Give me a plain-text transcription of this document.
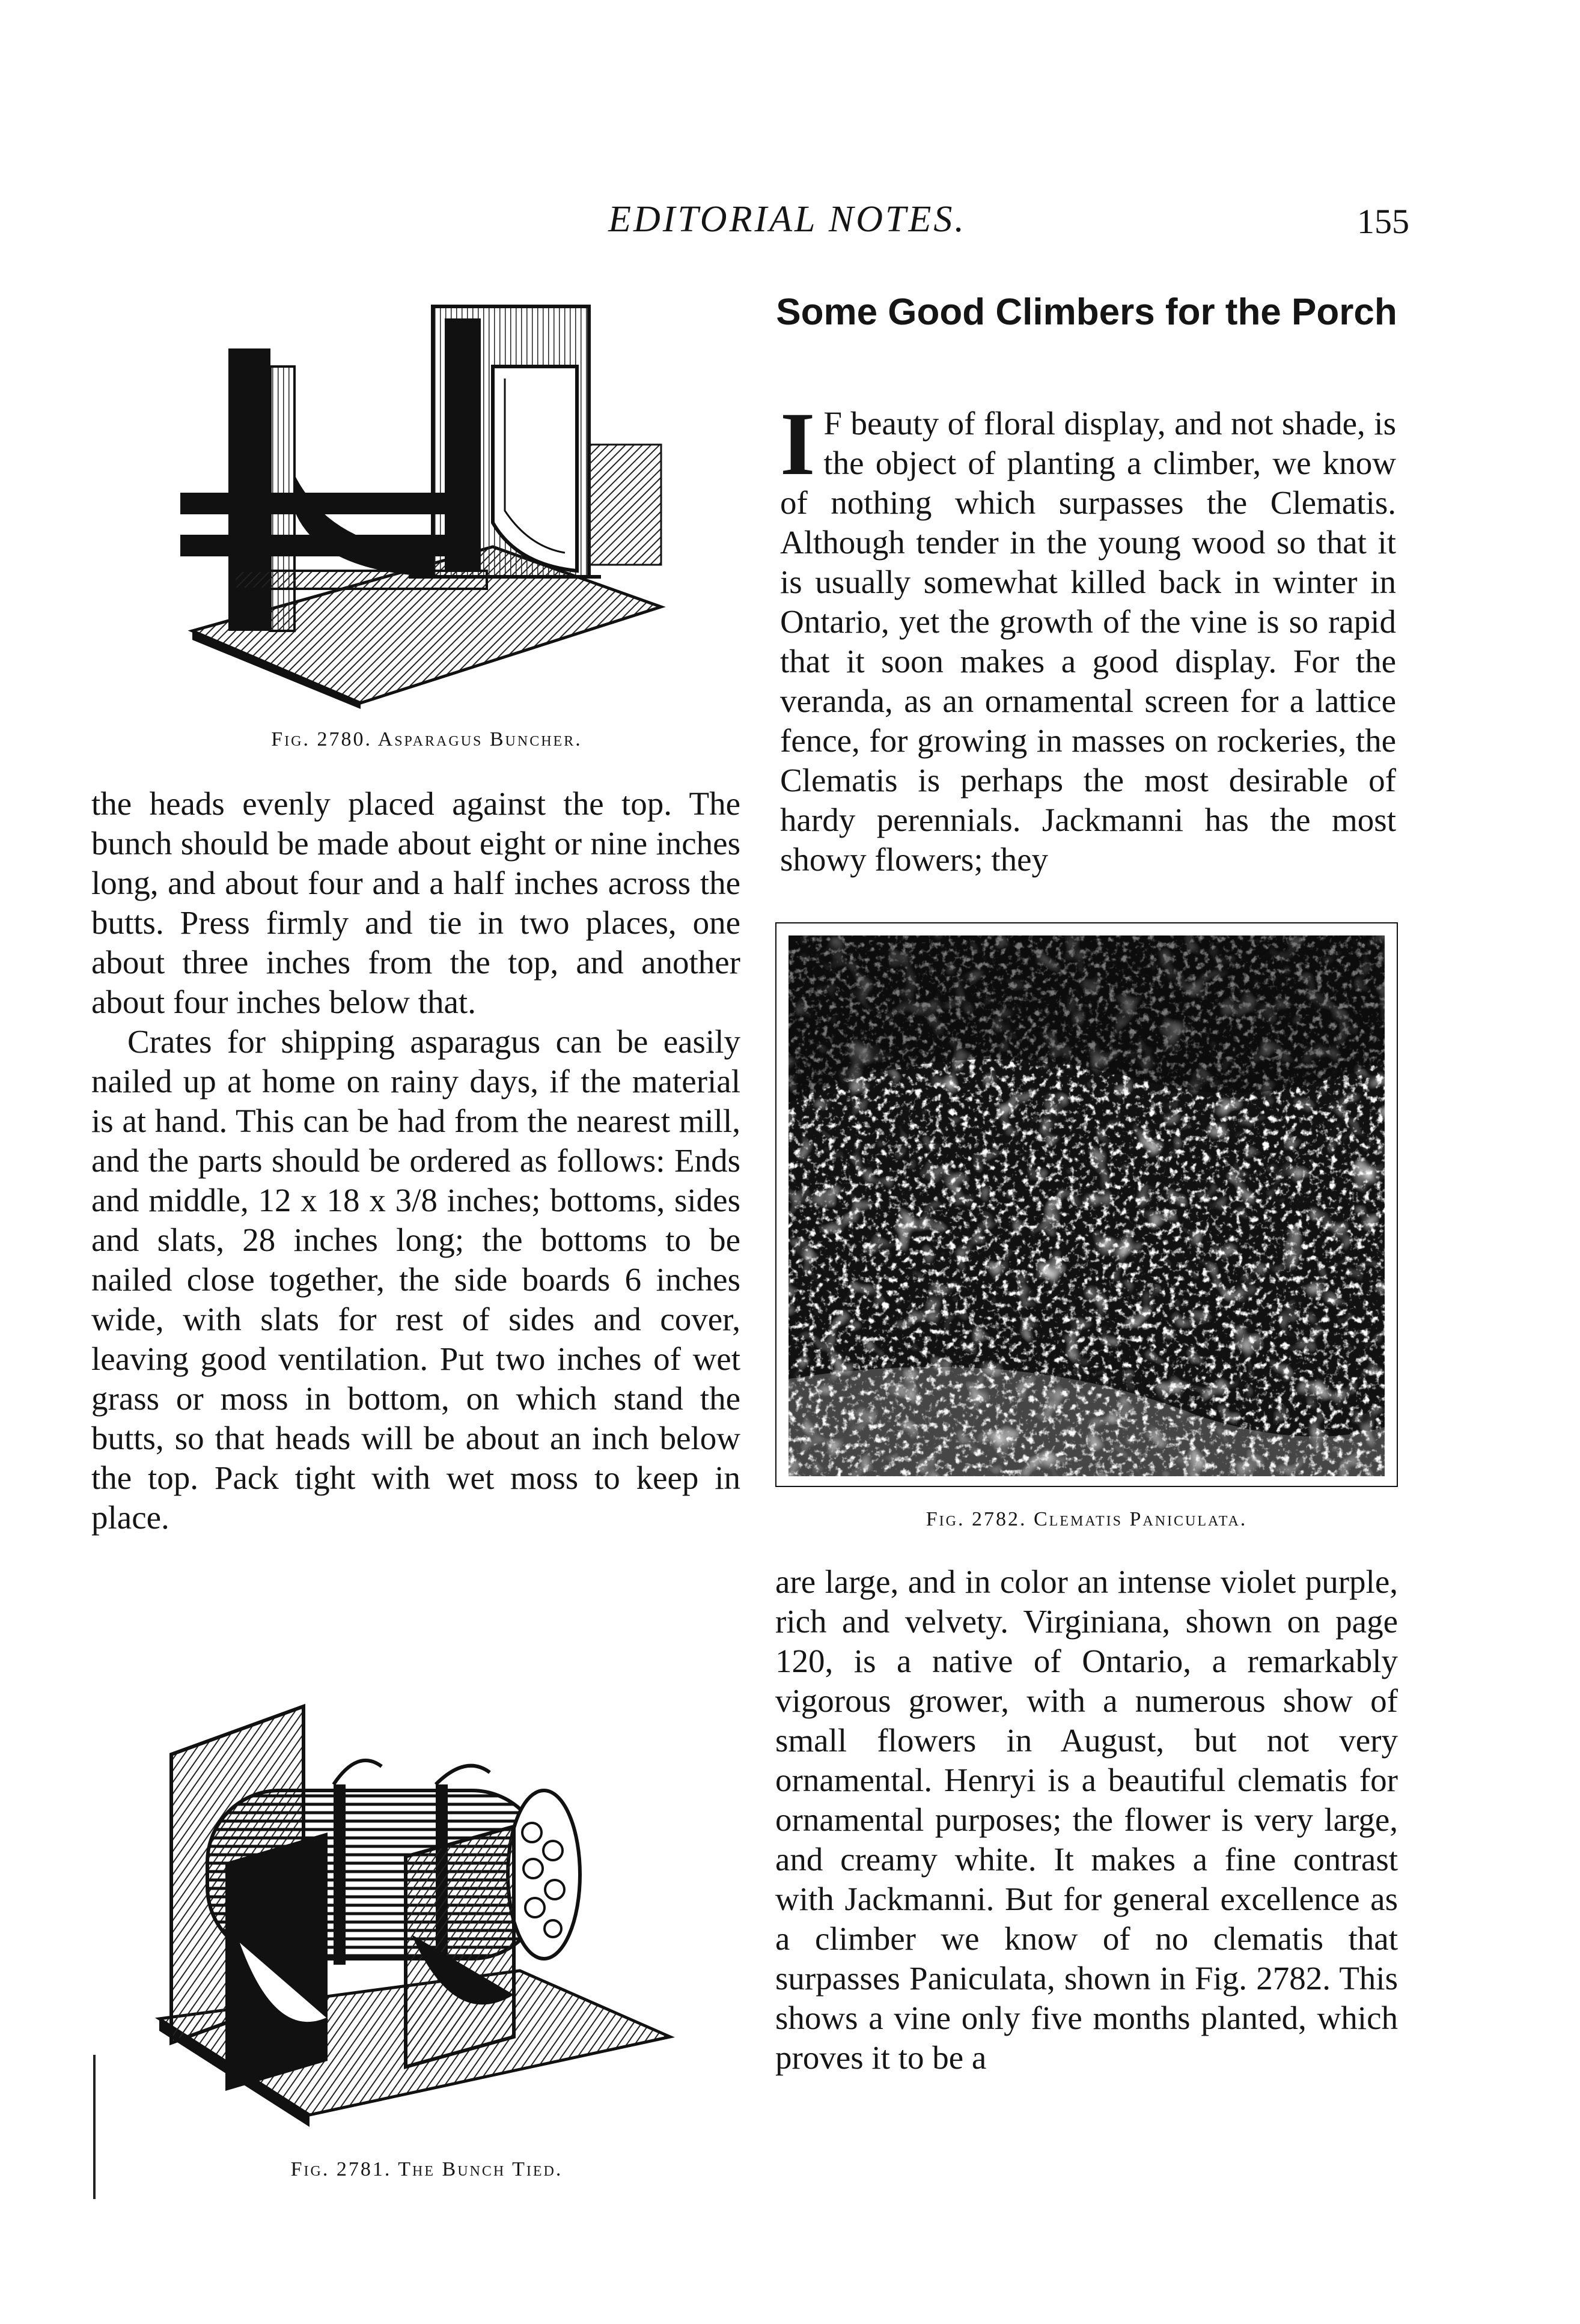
EDITORIAL NOTES.	155
Fig. 2780. Asparagus Buncher.

the heads evenly placed against the top. The bunch should be made about eight or nine inches long, and about four and a half inches across the butts. Press firmly and tie in two places, one about three inches from the top, and another about four inches below that.

Crates for shipping asparagus can be easily nailed up at home on rainy days, if the material is at hand. This can be had from the nearest mill, and the parts should be ordered as follows: Ends and middle, 12 x 18 x 3/8 inches; bottoms, sides and slats, 28 inches long; the bottoms to be nailed close together, the side boards 6 inches wide, with slats for rest of sides and cover, leaving good ventilation. Put two inches of wet grass or moss in bottom, on which stand the butts, so that heads will be about an inch below the top. Pack tight with wet moss to keep in place.

Fig. 2781. The Bunch Tied.
Some Good Climbers for the Porch

I F beauty of floral display, and not shade, is the object of planting a climber, we know of nothing which surpasses the Clematis. Although tender in the young wood so that it is usually somewhat killed back in winter in Ontario, yet the growth of the vine is so rapid that it soon makes a good display. For the veranda, as an ornamental screen for a lattice fence, for growing in masses on rockeries, the Clematis is perhaps the most desirable of hardy perennials. Jackmanni has the most showy flowers; they

Fig. 2782. Clematis Paniculata.

are large, and in color an intense violet purple, rich and velvety. Virginiana, shown on page 120, is a native of Ontario, a remarkably vigorous grower, with a numerous show of small flowers in August, but not very ornamental. Henryi is a beautiful clematis for ornamental purposes; the flower is very large, and creamy white. It makes a fine contrast with Jackmanni. But for general excellence as a climber we know of no clematis that surpasses Paniculata, shown in Fig. 2782. This shows a vine only five months planted, which proves it to be a
